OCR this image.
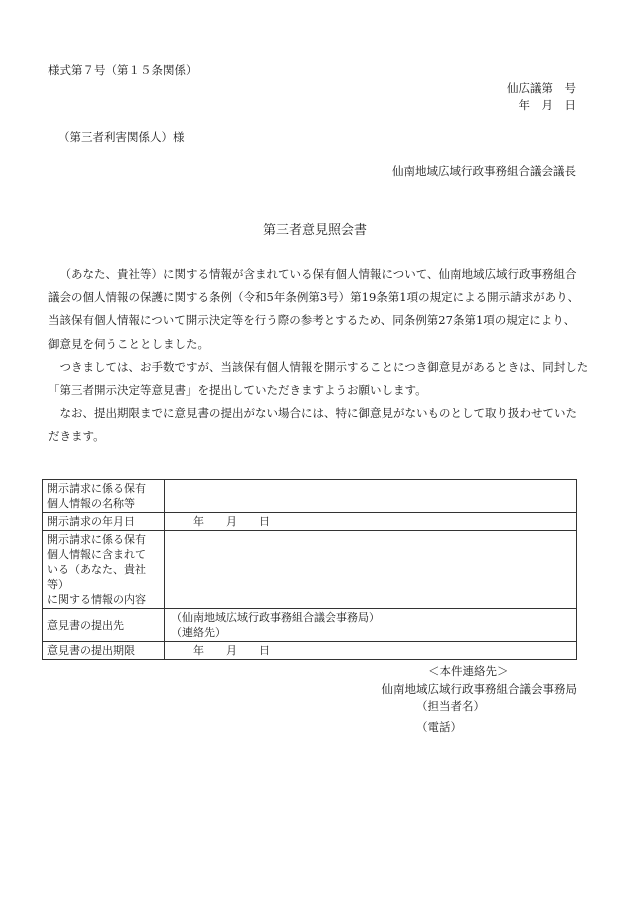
様式第７号（第１５条関係）
仙広議第　号
年　月　日
（第三者利害関係人）様
仙南地域広域行政事務組合議会議長
第三者意見照会書

（あなた、貴社等）に関する情報が含まれている保有個人情報について、仙南地域広域行政事務組合
議会の個人情報の保護に関する条例（令和5年条例第3号）第19条第1項の規定による開示請求があり、
当該保有個人情報について開示決定等を行う際の参考とするため、同条例第27条第1項の規定により、
御意見を伺うこととしました。

つきましては、お手数ですが、当該保有個人情報を開示することにつき御意見があるときは、同封した
「第三者開示決定等意見書」を提出していただきますようお願いします。

なお、提出期限までに意見書の提出がない場合には、特に御意見がないものとして取り扱わせていた
だきます。

開示請求に係る保有
個人情報の名称等	

開示請求の年月日	　　年　　月　　日

開示請求に係る保有
個人情報に含まれて
いる（あなた、貴社等）
に関する情報の内容	

意見書の提出先	（仙南地域広域行政事務組合議会事務局）
（連絡先）

意見書の提出期限	　　年　　月　　日
＜本件連絡先＞
仙南地域広域行政事務組合議会事務局
（担当者名）
（電話）
